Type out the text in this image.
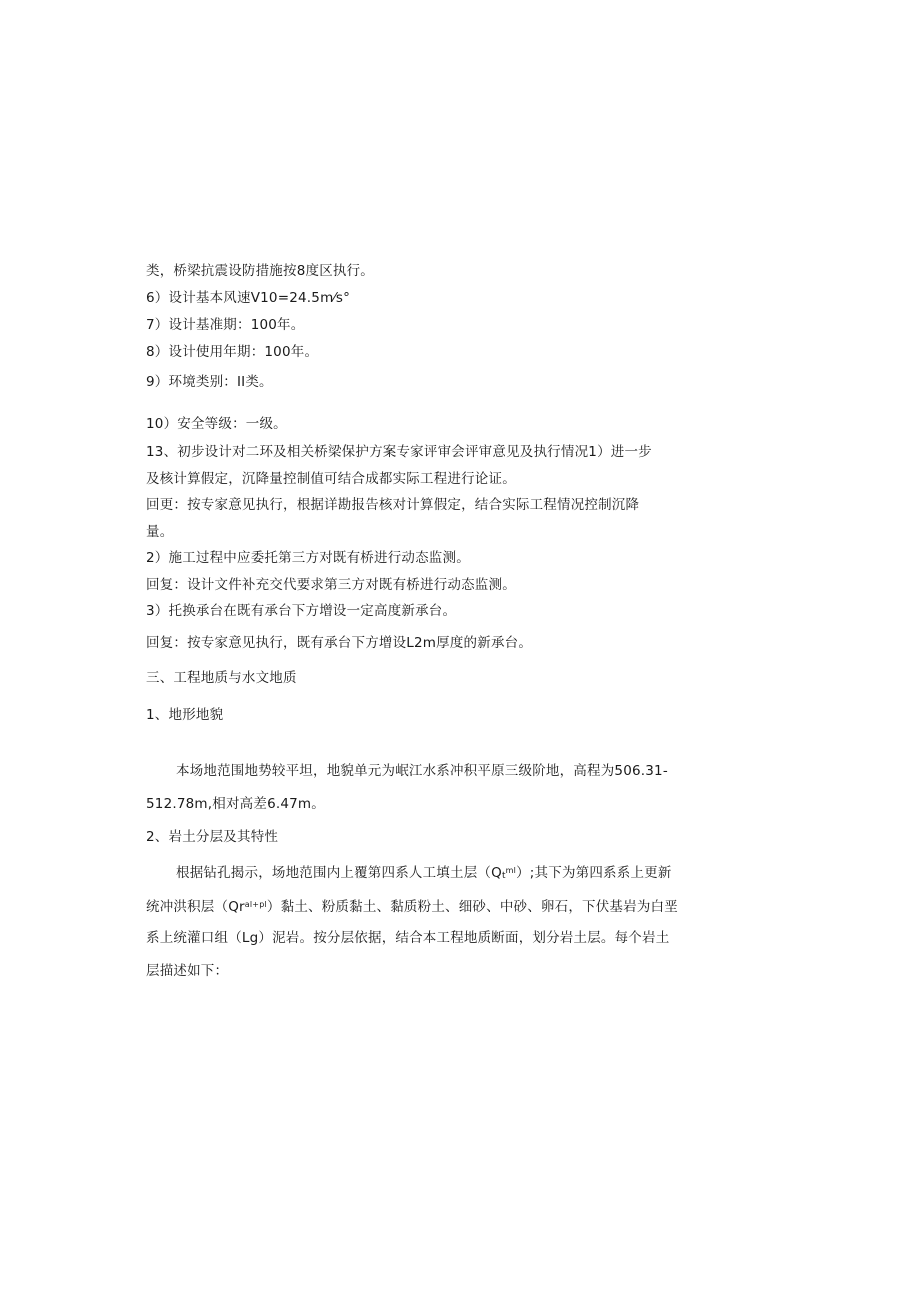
类，桥梁抗震设防措施按8度区执行。
6）设计基本风速V10=24.5m⁄s°
7）设计基准期：100年。
8）设计使用年期：100年。
9）环境类别：II类。
10）安全等级：一级。
13、初步设计对二环及相关桥梁保护方案专家评审会评审意见及执行情况1）进一步
及核计算假定，沉降量控制值可结合成都实际工程进行论证。
回更：按专家意见执行，根据详勘报告核对计算假定，结合实际工程情况控制沉降
量。
2）施工过程中应委托第三方对既有桥进行动态监测。
回复：设计文件补充交代要求第三方对既有桥进行动态监测。
3）托换承台在既有承台下方增设一定高度新承台。
回复：按专家意见执行，既有承台下方增设L2m厚度的新承台。
三、工程地质与水文地质
1、地形地貌
本场地范围地势较平坦，地貌单元为岷江水系冲积平原三级阶地，高程为506.31-
512.78m,相对高差6.47m。
2、岩土分层及其特性
根据钻孔揭示，场地范围内上覆第四系人工填土层$(Qt^{ml})$;其下为第四系系上更新
统冲洪积层$(Qr^{al+pl})$黏土、粉质黏土、黏质粉土、细砂、中砂、卵石，下伏基岩为白垩
系上统灌口组（Lg）泥岩。按分层依据，结合本工程地质断面，划分岩土层。每个岩土
层描述如下：
